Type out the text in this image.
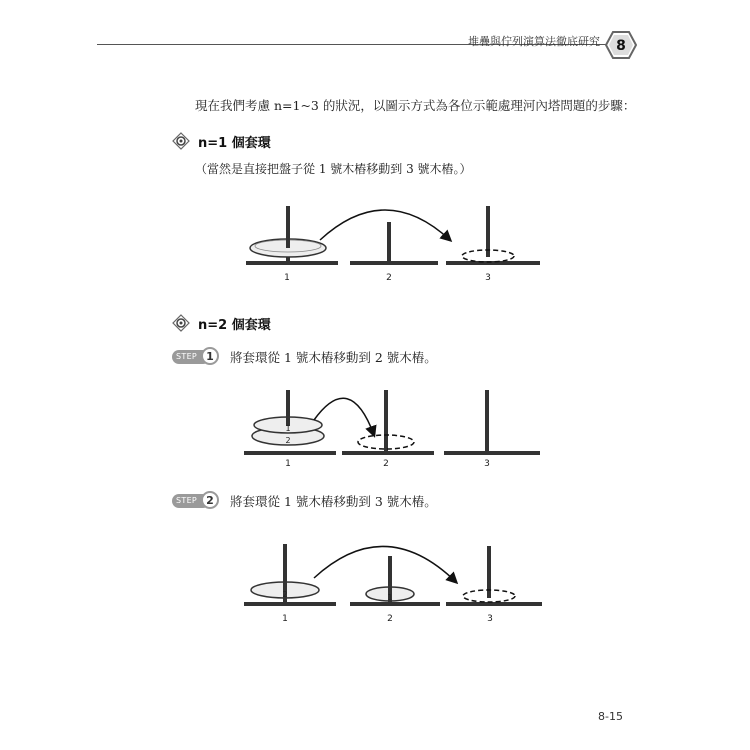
堆疊與佇列演算法徹底研究 8
現在我們考慮 n=1~3 的狀況，以圖示方式為各位示範處理河內塔問題的步驟：
n=1 個套環
（當然是直接把盤子從 1 號木樁移動到 3 號木樁。）
1	2	3
n=2 個套環
STEP 1	將套環從 1 號木樁移動到 2 號木樁。
1
2
1	2	3
STEP 2	將套環從 1 號木樁移動到 3 號木樁。
2	1
1	2	3
8-15
